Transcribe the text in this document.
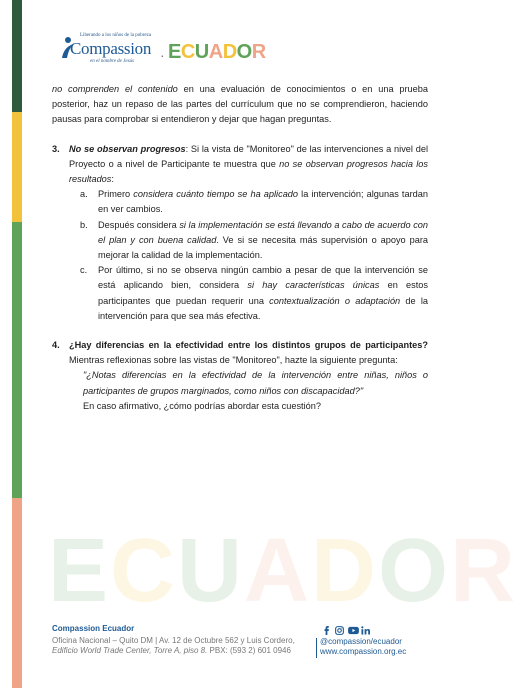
Liberando a los niños de la pobreza
Compassion
en el nombre de Jesús · ECUADOR

no comprenden el contenido en una evaluación de conocimientos o en una prueba posterior, haz un repaso de las partes del currículum que no se comprendieron, haciendo pausas para comprobar si entendieron y dejar que hagan preguntas.

3. No se observan progresos: Si la vista de "Monitoreo" de las intervenciones a nivel del Proyecto o a nivel de Participante te muestra que no se observan progresos hacia los resultados:

a. Primero considera cuánto tiempo se ha aplicado la intervención; algunas tardan en ver cambios.

b. Después considera si la implementación se está llevando a cabo de acuerdo con el plan y con buena calidad. Ve si se necesita más supervisión o apoyo para mejorar la calidad de la implementación.

c. Por último, si no se observa ningún cambio a pesar de que la intervención se está aplicando bien, considera si hay características únicas en estos participantes que puedan requerir una contextualización o adaptación de la intervención para que sea más efectiva.

4. ¿Hay diferencias en la efectividad entre los distintos grupos de participantes? Mientras reflexionas sobre las vistas de "Monitoreo", hazte la siguiente pregunta:

"¿Notas diferencias en la efectividad de la intervención entre niñas, niños o participantes de grupos marginados, como niños con discapacidad?"

En caso afirmativo, ¿cómo podrías abordar esta cuestión?

ECUADOR
Compassion Ecuador
Oficina Nacional – Quito DM | Av. 12 de Octubre 562 y Luis Cordero,
Edificio World Trade Center, Torre A, piso 8. PBX: (593 2) 601 0946
@compassion/ecuador
www.compassion.org.ec
